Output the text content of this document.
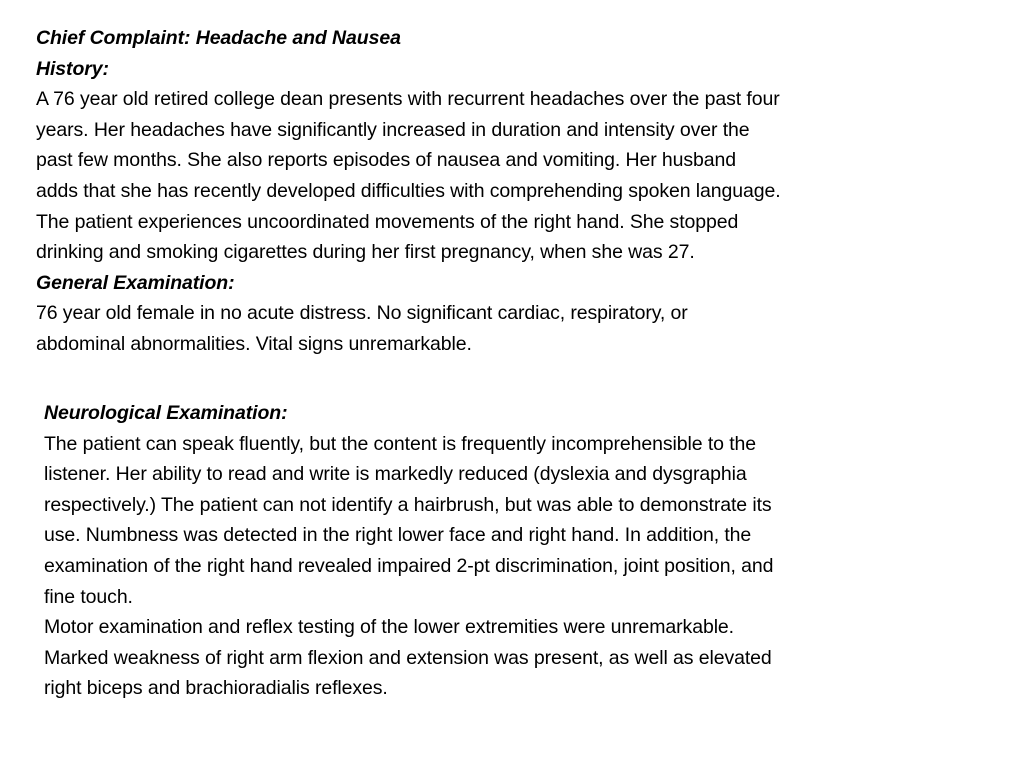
Chief Complaint: Headache and Nausea
History:
A 76 year old retired college dean presents with recurrent headaches over the past four
years. Her headaches have significantly increased in duration and intensity over the
past few months. She also reports episodes of nausea and vomiting. Her husband
adds that she has recently developed difficulties with comprehending spoken language.
The patient experiences uncoordinated movements of the right hand. She stopped
drinking and smoking cigarettes during her first pregnancy, when she was 27.
General Examination:
76 year old female in no acute distress. No significant cardiac, respiratory, or
abdominal abnormalities. Vital signs unremarkable.
Neurological Examination:
The patient can speak fluently, but the content is frequently incomprehensible to the
listener. Her ability to read and write is markedly reduced (dyslexia and dysgraphia
respectively.) The patient can not identify a hairbrush, but was able to demonstrate its
use. Numbness was detected in the right lower face and right hand. In addition, the
examination of the right hand revealed impaired 2-pt discrimination, joint position, and
fine touch.
Motor examination and reflex testing of the lower extremities were unremarkable.
Marked weakness of right arm flexion and extension was present, as well as elevated
right biceps and brachioradialis reflexes.
